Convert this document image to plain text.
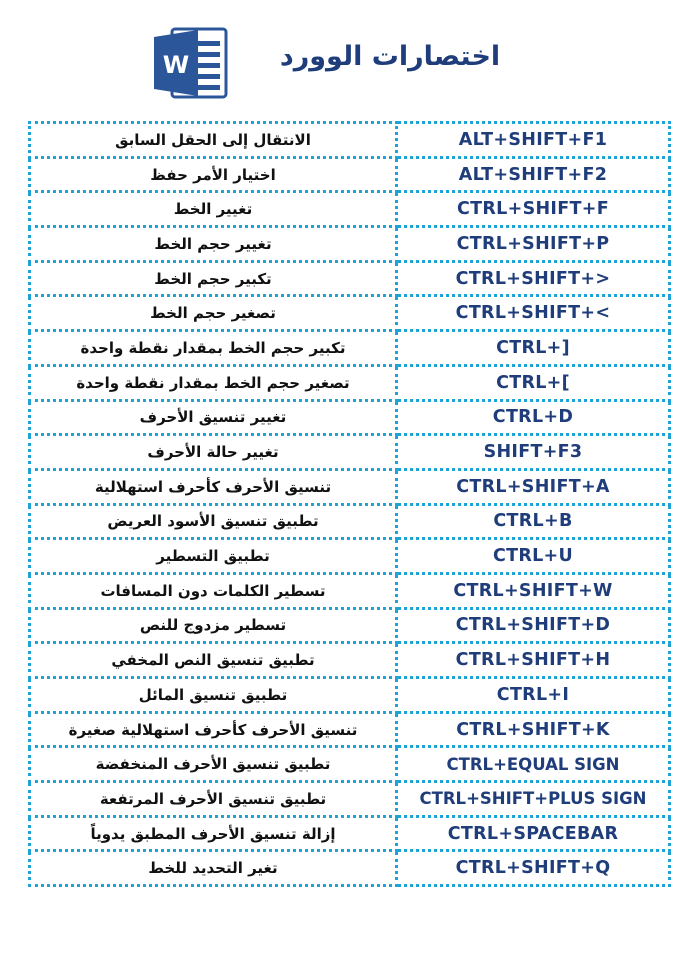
W	اختصارات الوورد
الانتقال إلى الحقل السابق	ALT+SHIFT+F1
اختيار الأمر حفظ	ALT+SHIFT+F2
تغيير الخط	CTRL+SHIFT+F
تغيير حجم الخط	CTRL+SHIFT+P
تكبير حجم الخط	CTRL+SHIFT+>
تصغير حجم الخط	CTRL+SHIFT+<
تكبير حجم الخط بمقدار نقطة واحدة	CTRL+]
تصغير حجم الخط بمقدار نقطة واحدة	CTRL+[
تغيير تنسيق الأحرف	CTRL+D
تغيير حالة الأحرف	SHIFT+F3
تنسيق الأحرف كأحرف استهلالية	CTRL+SHIFT+A
تطبيق تنسيق الأسود العريض	CTRL+B
تطبيق التسطير	CTRL+U
تسطير الكلمات دون المسافات	CTRL+SHIFT+W
تسطير مزدوج للنص	CTRL+SHIFT+D
تطبيق تنسيق النص المخفي	CTRL+SHIFT+H
تطبيق تنسيق المائل	CTRL+I
تنسيق الأحرف كأحرف استهلالية صغيرة	CTRL+SHIFT+K
تطبيق تنسيق الأحرف المنخفضة	CTRL+EQUAL SIGN
تطبيق تنسيق الأحرف المرتفعة	CTRL+SHIFT+PLUS SIGN
إزالة تنسيق الأحرف المطبق يدوياً	CTRL+SPACEBAR
تغير التحديد للخط	CTRL+SHIFT+Q
